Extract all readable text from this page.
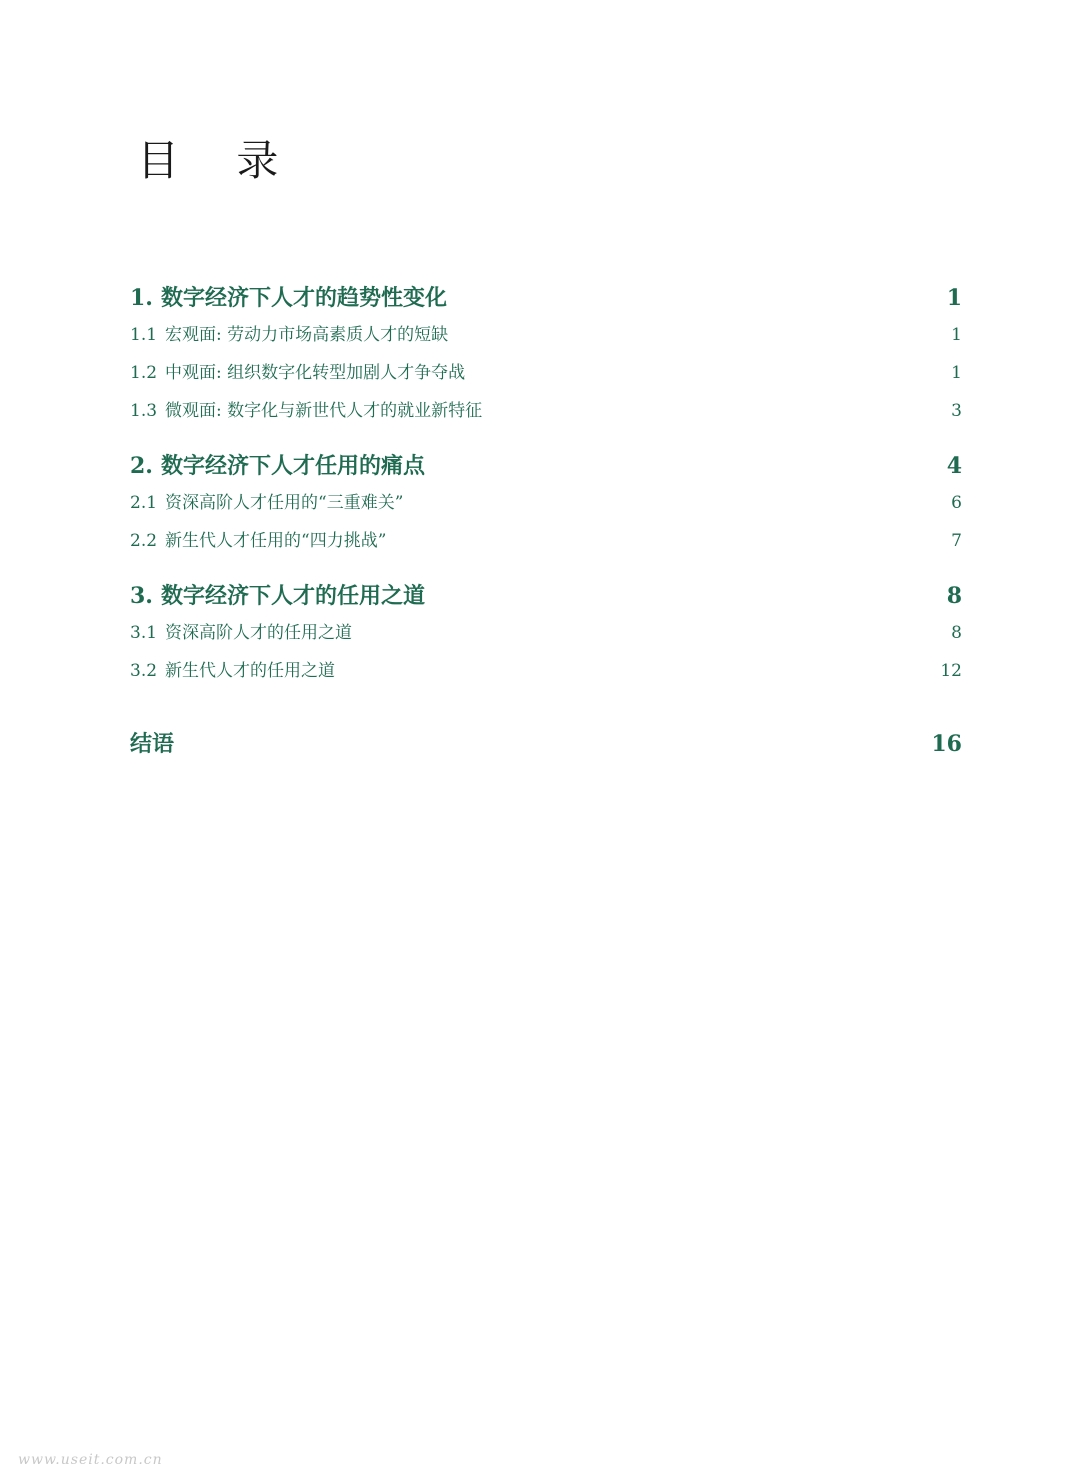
目 录
1. 数字经济下人才的趋势性变化	1
1.1 宏观面: 劳动力市场高素质人才的短缺	1
1.2 中观面: 组织数字化转型加剧人才争夺战	1
1.3 微观面: 数字化与新世代人才的就业新特征	3
2. 数字经济下人才任用的痛点	4
2.1 资深高阶人才任用的“三重难关”	6
2.2 新生代人才任用的“四力挑战”	7
3. 数字经济下人才的任用之道	8
3.1 资深高阶人才的任用之道	8
3.2 新生代人才的任用之道	12
结语	16
www.useit.com.cn
